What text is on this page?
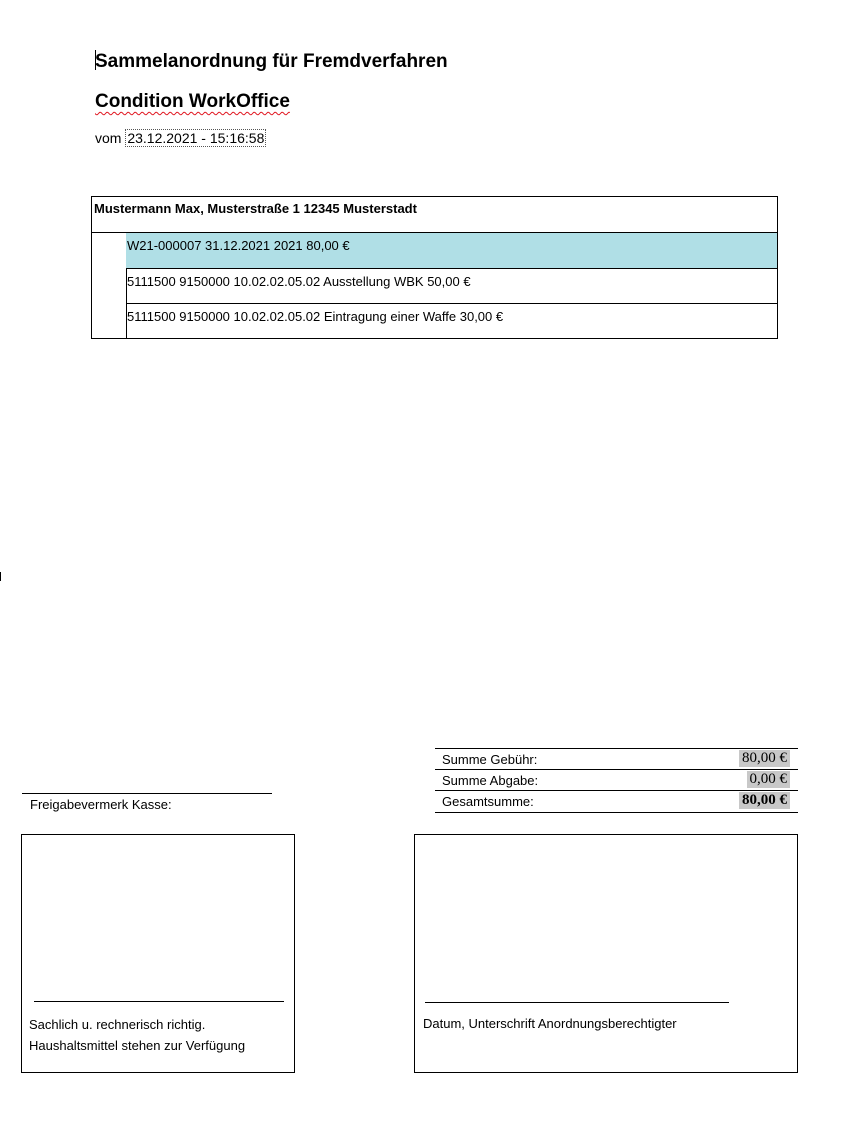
Sammelanordnung für Fremdverfahren
Condition WorkOffice
vom 23.12.2021 - 15:16:58
Mustermann Max, Musterstraße 1 12345 Musterstadt
W21-000007 31.12.2021 2021 80,00 €
5111500 9150000 10.02.02.05.02 Ausstellung WBK 50,00 €
5111500 9150000 10.02.02.05.02 Eintragung einer Waffe 30,00 €
Freigabevermerk Kasse:
Summe Gebühr:	80,00 €
Summe Abgabe:	0,00 €
Gesamtsumme:	80,00 €
Sachlich u. rechnerisch richtig.
Haushaltsmittel stehen zur Verfügung
Datum, Unterschrift Anordnungsberechtigter
